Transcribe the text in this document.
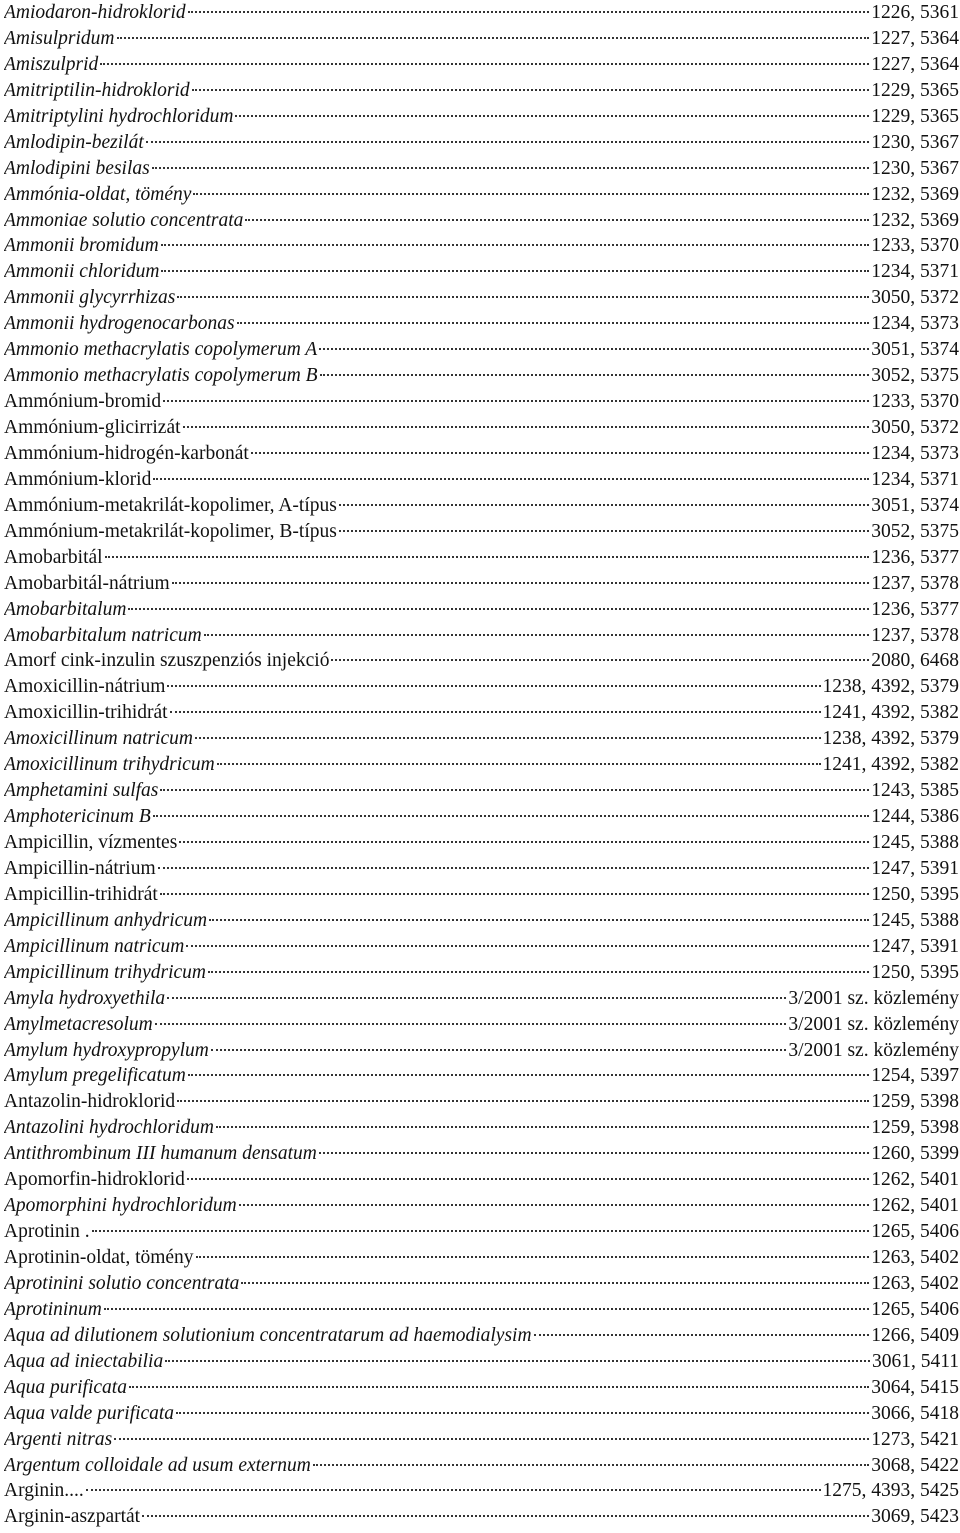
Amiodaron-hidroklorid	1226, 5361
Amisulpridum	1227, 5364
Amiszulprid	1227, 5364
Amitriptilin-hidroklorid	1229, 5365
Amitriptylini hydrochloridum	1229, 5365
Amlodipin-bezilát	1230, 5367
Amlodipini besilas	1230, 5367
Ammónia-oldat, tömény	1232, 5369
Ammoniae solutio concentrata	1232, 5369
Ammonii bromidum	1233, 5370
Ammonii chloridum	1234, 5371
Ammonii glycyrrhizas	3050, 5372
Ammonii hydrogenocarbonas	1234, 5373
Ammonio methacrylatis copolymerum A	3051, 5374
Ammonio methacrylatis copolymerum B	3052, 5375
Ammónium-bromid	1233, 5370
Ammónium-glicirrizát	3050, 5372
Ammónium-hidrogén-karbonát	1234, 5373
Ammónium-klorid	1234, 5371
Ammónium-metakrilát-kopolimer, A-típus	3051, 5374
Ammónium-metakrilát-kopolimer, B-típus	3052, 5375
Amobarbitál	1236, 5377
Amobarbitál-nátrium	1237, 5378
Amobarbitalum	1236, 5377
Amobarbitalum natricum	1237, 5378
Amorf cink-inzulin szuszpenziós injekció	2080, 6468
Amoxicillin-nátrium	1238, 4392, 5379
Amoxicillin-trihidrát	1241, 4392, 5382
Amoxicillinum natricum	1238, 4392, 5379
Amoxicillinum trihydricum	1241, 4392, 5382
Amphetamini sulfas	1243, 5385
Amphotericinum B	1244, 5386
Ampicillin, vízmentes	1245, 5388
Ampicillin-nátrium	1247, 5391
Ampicillin-trihidrát	1250, 5395
Ampicillinum anhydricum	1245, 5388
Ampicillinum natricum	1247, 5391
Ampicillinum trihydricum	1250, 5395
Amyla hydroxyethila	3/2001 sz. közlemény
Amylmetacresolum	3/2001 sz. közlemény
Amylum hydroxypropylum	3/2001 sz. közlemény
Amylum pregelificatum	1254, 5397
Antazolin-hidroklorid	1259, 5398
Antazolini hydrochloridum	1259, 5398
Antithrombinum III humanum densatum	1260, 5399
Apomorfin-hidroklorid	1262, 5401
Apomorphini hydrochloridum	1262, 5401
Aprotinin .	1265, 5406
Aprotinin-oldat, tömény	1263, 5402
Aprotinini solutio concentrata	1263, 5402
Aprotininum	1265, 5406
Aqua ad dilutionem solutionium concentratarum ad haemodialysim	1266, 5409
Aqua ad iniectabilia	3061, 5411
Aqua purificata	3064, 5415
Aqua valde purificata	3066, 5418
Argenti nitras	1273, 5421
Argentum colloidale ad usum externum	3068, 5422
Arginin....	1275, 4393, 5425
Arginin-aszpartát	3069, 5423
